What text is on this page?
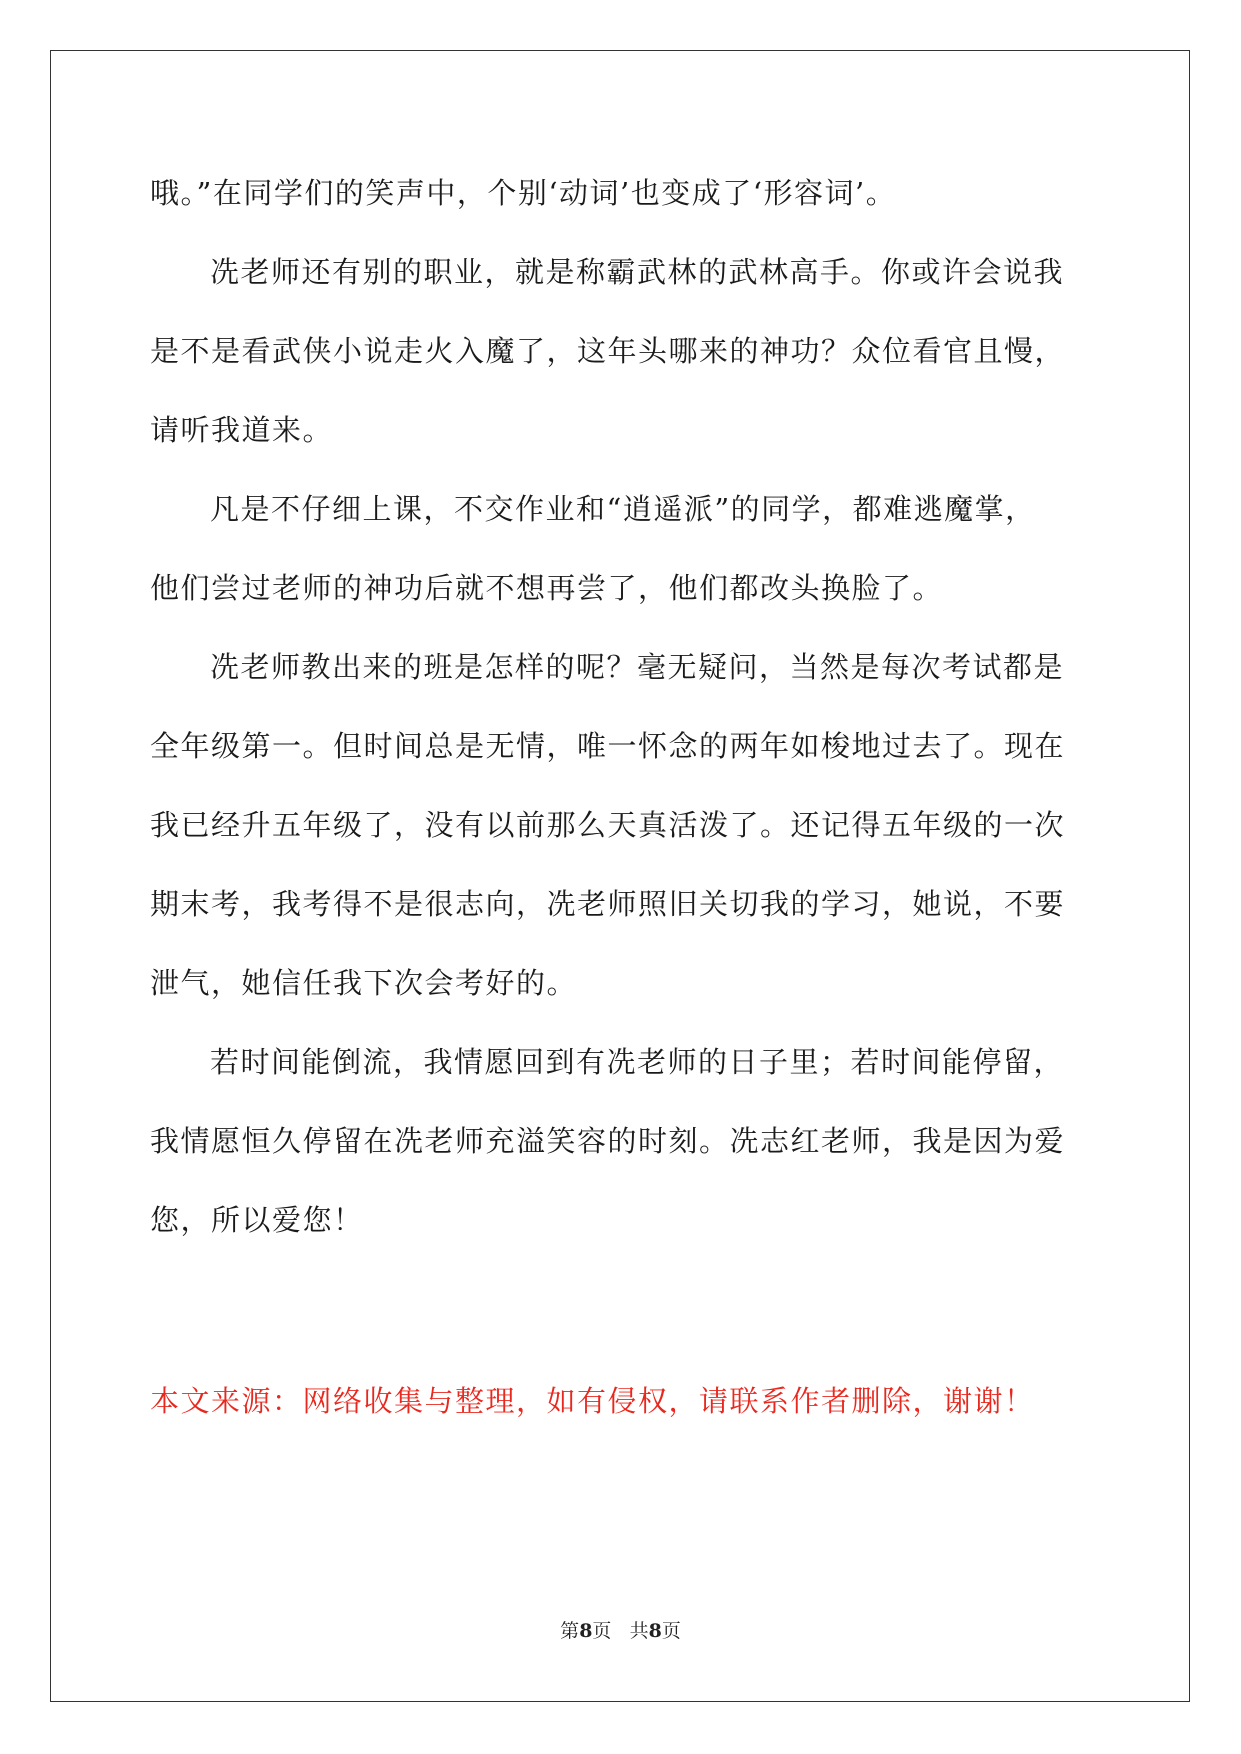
哦。”在同学们的笑声中，个别‘动词’也变成了‘形容词’。
冼老师还有别的职业，就是称霸武林的武林高手。你或许会说我
是不是看武侠小说走火入魔了，这年头哪来的神功？众位看官且慢，
请听我道来。
凡是不仔细上课，不交作业和“逍遥派”的同学，都难逃魔掌，
他们尝过老师的神功后就不想再尝了，他们都改头换脸了。
冼老师教出来的班是怎样的呢？毫无疑问，当然是每次考试都是
全年级第一。但时间总是无情，唯一怀念的两年如梭地过去了。现在
我已经升五年级了，没有以前那么天真活泼了。还记得五年级的一次
期末考，我考得不是很志向，冼老师照旧关切我的学习，她说，不要
泄气，她信任我下次会考好的。
若时间能倒流，我情愿回到有冼老师的日子里；若时间能停留，
我情愿恒久停留在冼老师充溢笑容的时刻。冼志红老师，我是因为爱
您，所以爱您！
本文来源：网络收集与整理，如有侵权，请联系作者删除，谢谢！
第8页 共8页
